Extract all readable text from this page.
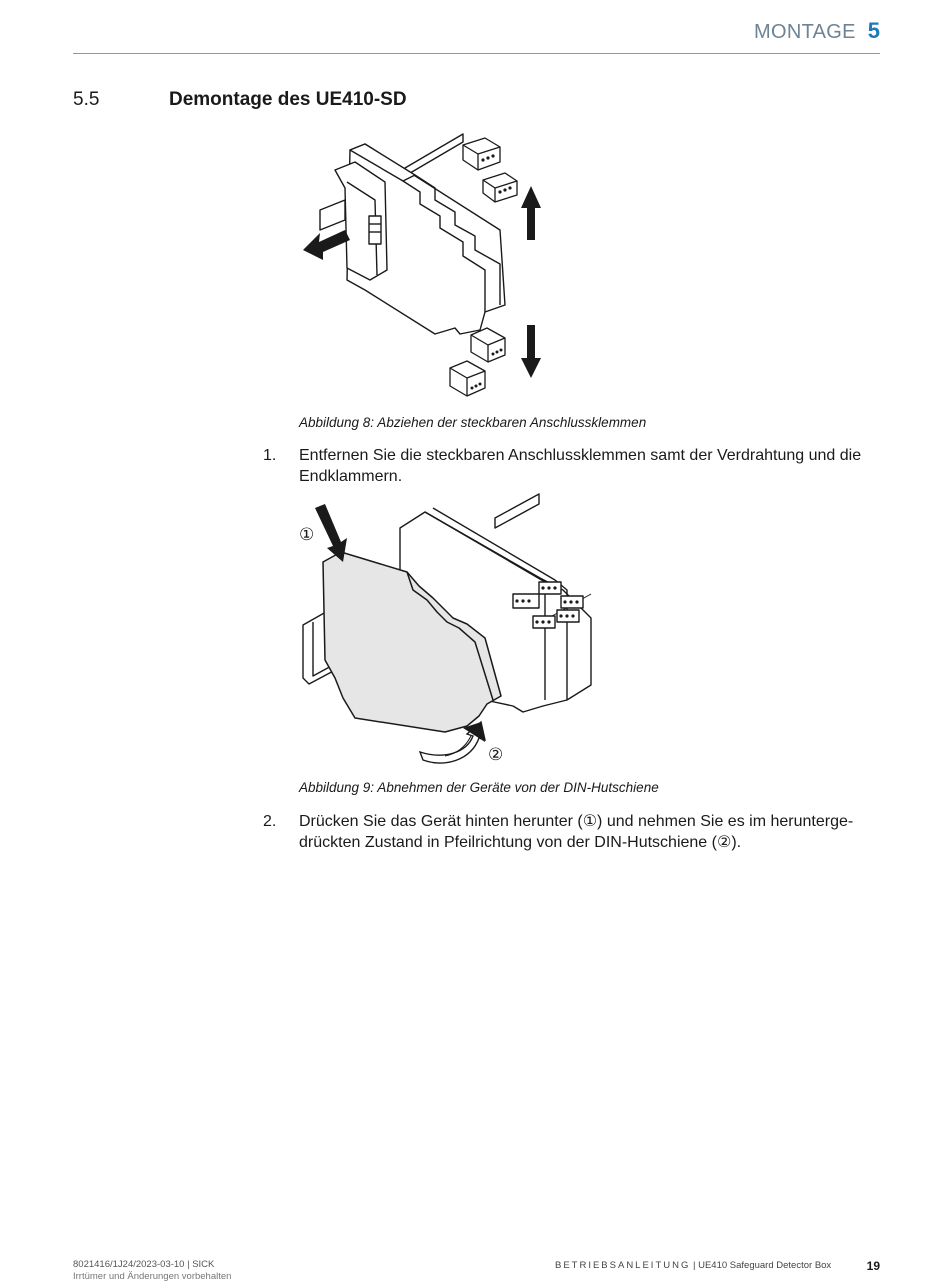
MONTAGE 5
5.5	Demontage des UE410-SD
Abbildung 8: Abziehen der steckbaren Anschlussklemmen
1. Entfernen Sie die steckbaren Anschlussklemmen samt der Verdrahtung und die Endklammern.
①
②
Abbildung 9: Abnehmen der Geräte von der DIN-Hutschiene
2. Drücken Sie das Gerät hinten herunter (①) und nehmen Sie es im heruntergedrückten Zustand in Pfeilrichtung von der DIN-Hutschiene (②).
8021416/1J24/2023-03-10 | SICK
Irrtümer und Änderungen vorbehalten
BETRIEBSANLEITUNG | UE410 Safeguard Detector Box	19
